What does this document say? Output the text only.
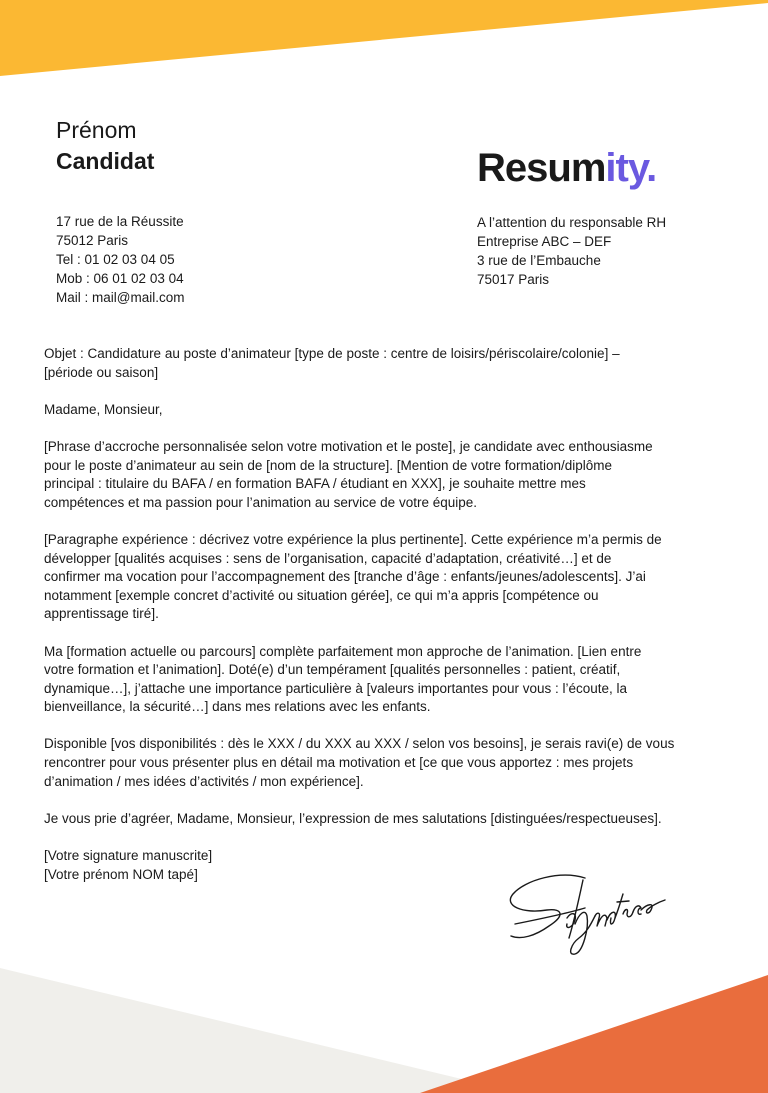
Prénom
Candidat	Resumity.
17 rue de la Réussite
75012 Paris
Tel : 01 02 03 04 05
Mob : 06 01 02 03 04
Mail : mail@mail.com
A l’attention du responsable RH
Entreprise ABC – DEF
3 rue de l’Embauche
75017 Paris

Objet : Candidature au poste d’animateur [type de poste : centre de loisirs/périscolaire/colonie] –
[période ou saison]

Madame, Monsieur,

[Phrase d’accroche personnalisée selon votre motivation et le poste], je candidate avec enthousiasme
pour le poste d’animateur au sein de [nom de la structure]. [Mention de votre formation/diplôme
principal : titulaire du BAFA / en formation BAFA / étudiant en XXX], je souhaite mettre mes
compétences et ma passion pour l’animation au service de votre équipe.

[Paragraphe expérience : décrivez votre expérience la plus pertinente]. Cette expérience m’a permis de
développer [qualités acquises : sens de l’organisation, capacité d’adaptation, créativité…] et de
confirmer ma vocation pour l’accompagnement des [tranche d’âge : enfants/jeunes/adolescents]. J’ai
notamment [exemple concret d’activité ou situation gérée], ce qui m’a appris [compétence ou
apprentissage tiré].

Ma [formation actuelle ou parcours] complète parfaitement mon approche de l’animation. [Lien entre
votre formation et l’animation]. Doté(e) d’un tempérament [qualités personnelles : patient, créatif,
dynamique…], j’attache une importance particulière à [valeurs importantes pour vous : l’écoute, la
bienveillance, la sécurité…] dans mes relations avec les enfants.

Disponible [vos disponibilités : dès le XXX / du XXX au XXX / selon vos besoins], je serais ravi(e) de vous
rencontrer pour vous présenter plus en détail ma motivation et [ce que vous apportez : mes projets
d’animation / mes idées d’activités / mon expérience].

Je vous prie d’agréer, Madame, Monsieur, l’expression de mes salutations [distinguées/respectueuses].

[Votre signature manuscrite]
[Votre prénom NOM tapé]
